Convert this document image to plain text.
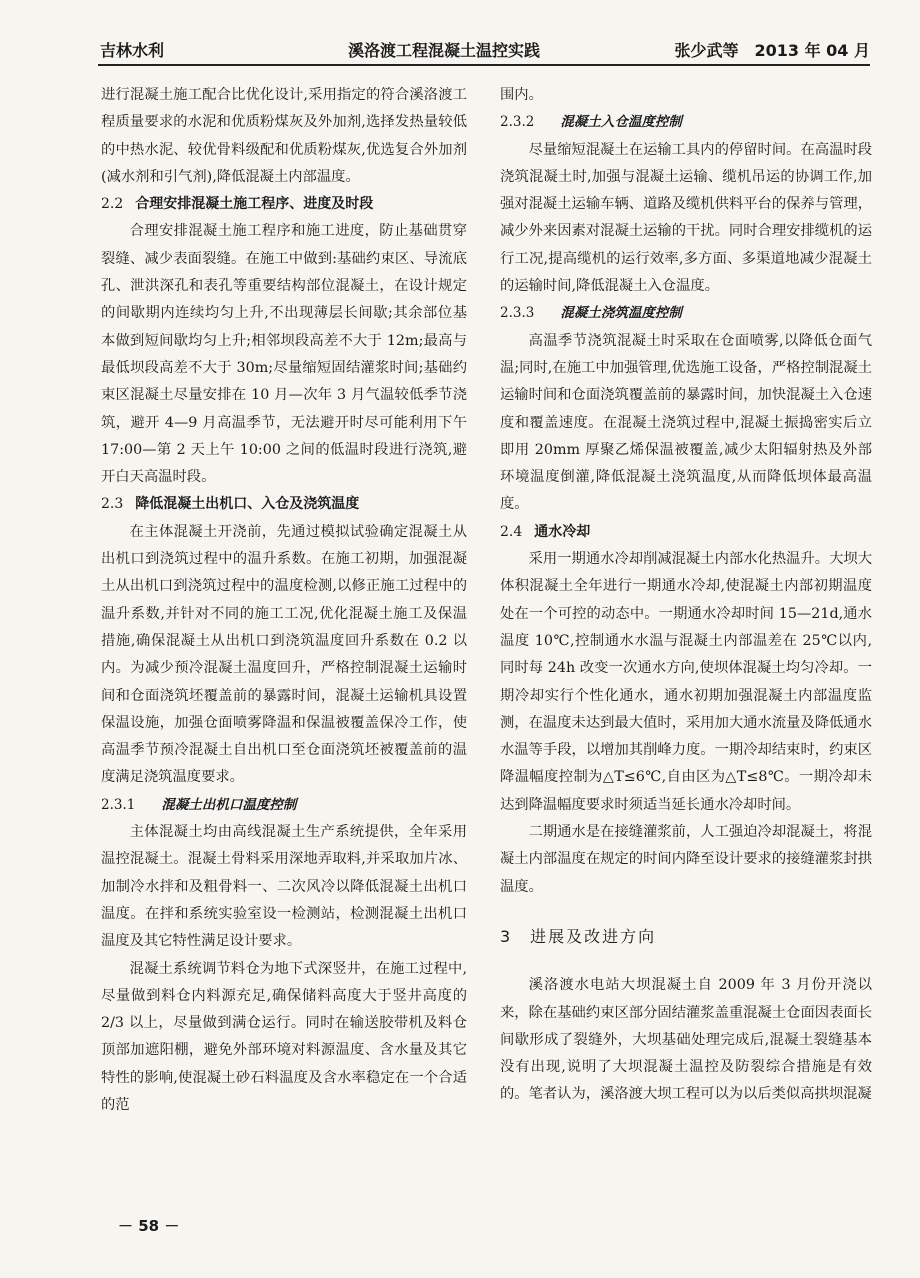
吉林水利	溪洛渡工程混凝土温控实践	张少武等　 2013 年 04 月

进行混凝土施工配合比优化设计,采用指定的符合溪洛渡工程质量要求的水泥和优质粉煤灰及外加剂,选择发热量较低的中热水泥、较优骨料级配和优质粉煤灰,优选复合外加剂(减水剂和引气剂),降低混凝土内部温度。

2.2 合理安排混凝土施工程序、进度及时段

合理安排混凝土施工程序和施工进度，防止基础贯穿裂缝、减少表面裂缝。在施工中做到:基础约束区、导流底孔、泄洪深孔和表孔等重要结构部位混凝土，在设计规定的间歇期内连续均匀上升,不出现薄层长间歇;其余部位基本做到短间歇均匀上升;相邻坝段高差不大于 12m;最高与最低坝段高差不大于 30m;尽量缩短固结灌浆时间;基础约束区混凝土尽量安排在 10 月—次年 3 月气温较低季节浇筑，避开 4—9 月高温季节，无法避开时尽可能利用下午 17:00—第 2 天上午 10:00 之间的低温时段进行浇筑,避开白天高温时段。

2.3 降低混凝土出机口、入仓及浇筑温度

在主体混凝土开浇前，先通过模拟试验确定混凝土从出机口到浇筑过程中的温升系数。在施工初期，加强混凝土从出机口到浇筑过程中的温度检测,以修正施工过程中的温升系数,并针对不同的施工工况,优化混凝土施工及保温措施,确保混凝土从出机口到浇筑温度回升系数在 0.2 以内。为减少预冷混凝土温度回升，严格控制混凝土运输时间和仓面浇筑坯覆盖前的暴露时间，混凝土运输机具设置保温设施，加强仓面喷雾降温和保温被覆盖保冷工作，使高温季节预冷混凝土自出机口至仓面浇筑坯被覆盖前的温度满足浇筑温度要求。

2.3.1 混凝土出机口温度控制

主体混凝土均由高线混凝土生产系统提供，全年采用温控混凝土。混凝土骨料采用深地弄取料,并采取加片冰、加制冷水拌和及粗骨料一、二次风冷以降低混凝土出机口温度。在拌和系统实验室设一检测站，检测混凝土出机口温度及其它特性满足设计要求。

混凝土系统调节料仓为地下式深竖井，在施工过程中,尽量做到料仓内料源充足,确保储料高度大于竖井高度的 2/3 以上，尽量做到满仓运行。同时在输送胶带机及料仓顶部加遮阳棚，避免外部环境对料源温度、含水量及其它特性的影响,使混凝土砂石料温度及含水率稳定在一个合适的范

围内。

2.3.2 混凝土入仓温度控制

尽量缩短混凝土在运输工具内的停留时间。在高温时段浇筑混凝土时,加强与混凝土运输、缆机吊运的协调工作,加强对混凝土运输车辆、道路及缆机供料平台的保养与管理，减少外来因素对混凝土运输的干扰。同时合理安排缆机的运行工况,提高缆机的运行效率,多方面、多渠道地减少混凝土的运输时间,降低混凝土入仓温度。

2.3.3 混凝土浇筑温度控制

高温季节浇筑混凝土时采取在仓面喷雾,以降低仓面气温;同时,在施工中加强管理,优选施工设备，严格控制混凝土运输时间和仓面浇筑覆盖前的暴露时间，加快混凝土入仓速度和覆盖速度。在混凝土浇筑过程中,混凝土振捣密实后立即用 20mm 厚聚乙烯保温被覆盖,减少太阳辐射热及外部环境温度倒灌,降低混凝土浇筑温度,从而降低坝体最高温度。

2.4 通水冷却

采用一期通水冷却削减混凝土内部水化热温升。大坝大体积混凝土全年进行一期通水冷却,使混凝土内部初期温度处在一个可控的动态中。一期通水冷却时间 15—21d,通水温度 10℃,控制通水水温与混凝土内部温差在 25℃以内,同时每 24h 改变一次通水方向,使坝体混凝土均匀冷却。一期冷却实行个性化通水，通水初期加强混凝土内部温度监测，在温度未达到最大值时，采用加大通水流量及降低通水水温等手段，以增加其削峰力度。一期冷却结束时，约束区降温幅度控制为△T≤6℃,自由区为△T≤8℃。一期冷却未达到降温幅度要求时须适当延长通水冷却时间。

二期通水是在接缝灌浆前，人工强迫冷却混凝土，将混凝土内部温度在规定的时间内降至设计要求的接缝灌浆封拱温度。

3　进展及改进方向

溪洛渡水电站大坝混凝土自 2009 年 3 月份开浇以来，除在基础约束区部分固结灌浆盖重混凝土仓面因表面长间歇形成了裂缝外，大坝基础处理完成后,混凝土裂缝基本没有出现,说明了大坝混凝土温控及防裂综合措施是有效的。笔者认为，溪洛渡大坝工程可以为以后类似高拱坝混凝

－ 58 －
